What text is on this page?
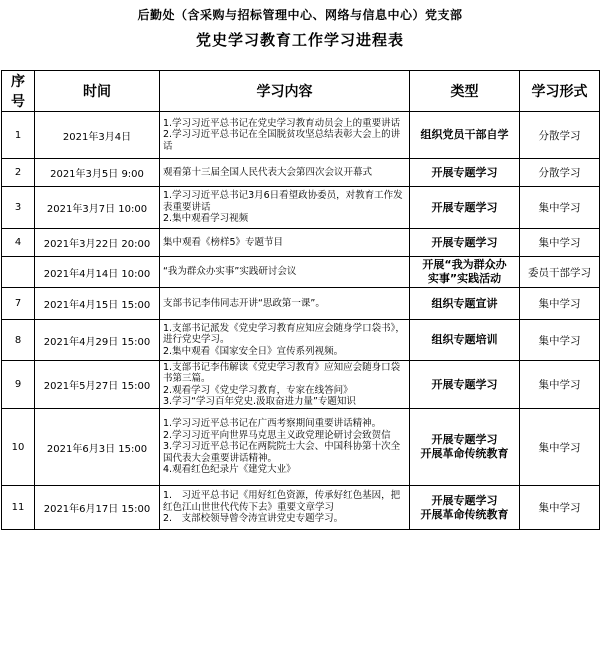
后勤处（含采购与招标管理中心、网络与信息中心）党支部
党史学习教育工作学习进程表
序号	时间	学习内容	类型	学习形式
1	2021年3月4日	1.学习习近平总书记在党史学习教育动员会上的重要讲话
2.学习习近平总书记在全国脱贫攻坚总结表彰大会上的讲话	组织党员干部自学	分散学习
2	2021年3月5日 9:00	观看第十三届全国人民代表大会第四次会议开幕式	开展专题学习	分散学习
3	2021年3月7日 10:00	1.学习习近平总书记3月6日看望政协委员，对教育工作发表重要讲话
2.集中观看学习视频	开展专题学习	集中学习
4	2021年3月22日 20:00	集中观看《榜样5》专题节目	开展专题学习	集中学习
	2021年4月14日 10:00	“我为群众办实事”实践研讨会议	开展“我为群众办
实事”实践活动	委员干部学习
7	2021年4月15日 15:00	支部书记李伟同志开讲“思政第一课”。	组织专题宣讲	集中学习
8	2021年4月29日 15:00	1.支部书记派发《党史学习教育应知应会随身学口袋书》，进行党史学习。
2.集中观看《国家安全日》宣传系列视频。	组织专题培训	集中学习
9	2021年5月27日 15:00	1.支部书记李伟解读《党史学习教育》应知应会随身口袋书第三篇。
2.观看学习《党史学习教育，专家在线答问》
3.学习“学习百年党史.汲取奋进力量”专题知识	开展专题学习	集中学习
10	2021年6月3日 15:00	1.学习习近平总书记在广西考察期间重要讲话精神。
2.学习习近平向世界马克思主义政党理论研讨会致贺信
3.学习习近平总书记在两院院士大会、中国科协第十次全国代表大会重要讲话精神。
4.观看红色纪录片《建党大业》	开展专题学习
开展革命传统教育	集中学习
11	2021年6月17日 15:00	1.　习近平总书记《用好红色资源，传承好红色基因，把红色江山世世代代传下去》重要文章学习
2.　支部校领导曾令涛宣讲党史专题学习。	开展专题学习
开展革命传统教育	集中学习
